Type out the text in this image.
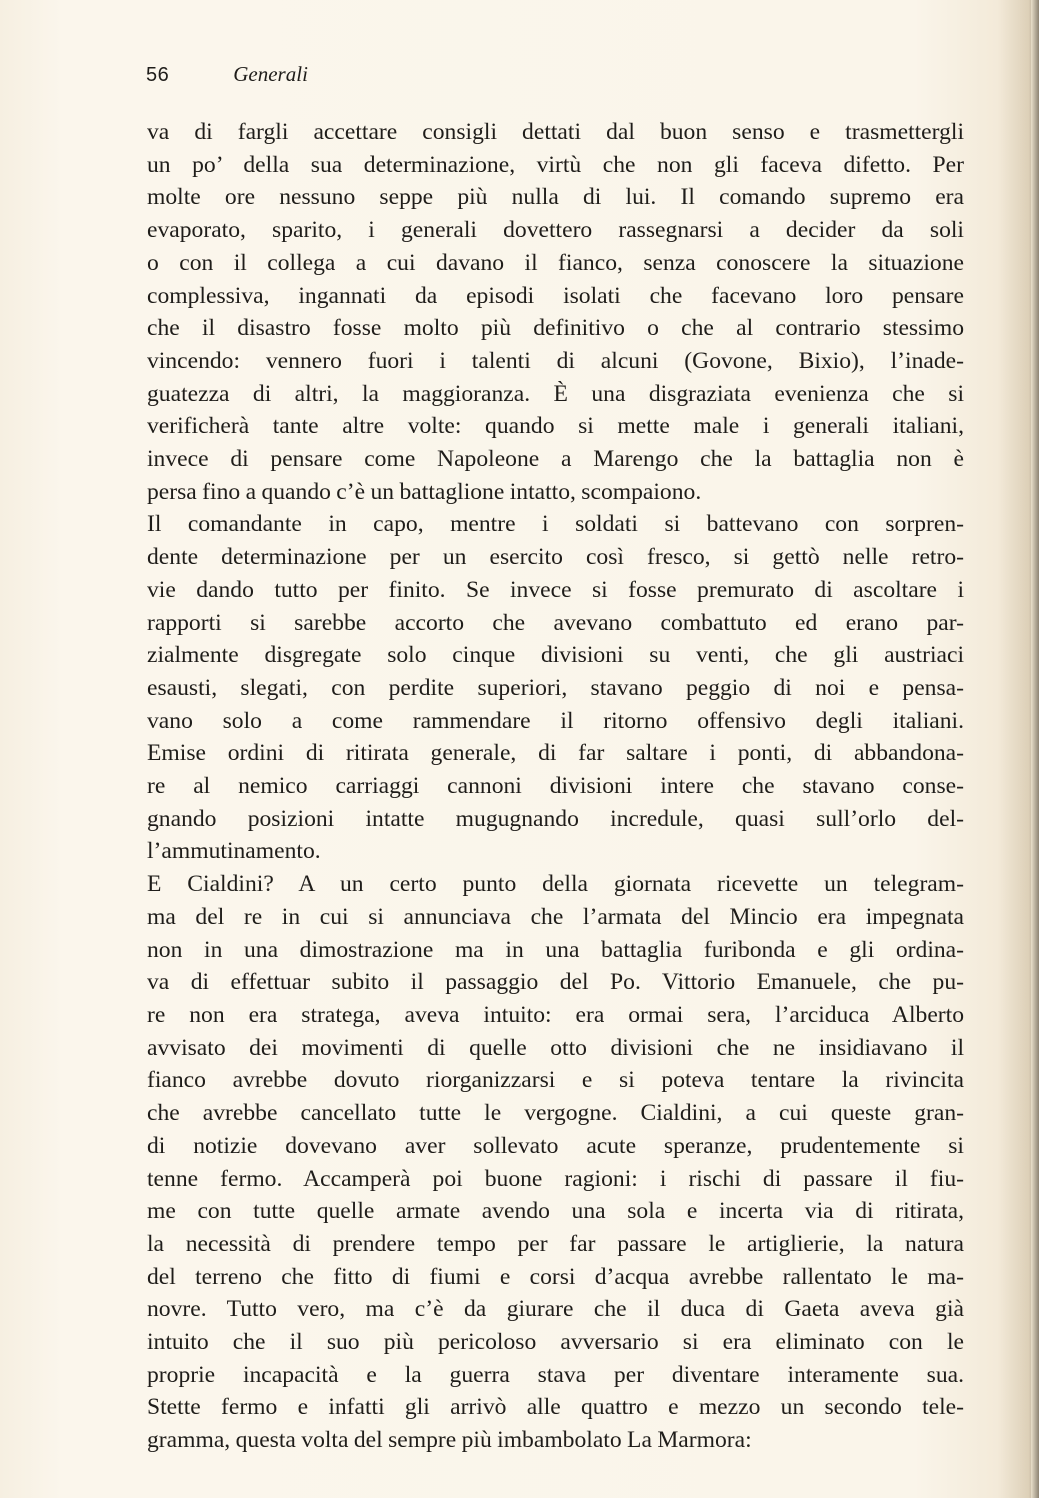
56	Generali

va di fargli accettare consigli dettati dal buon senso e trasmettergli
un po’ della sua determinazione, virtù che non gli faceva difetto. Per
molte ore nessuno seppe più nulla di lui. Il comando supremo era
evaporato, sparito, i generali dovettero rassegnarsi a decider da soli
o con il collega a cui davano il fianco, senza conoscere la situazione
complessiva, ingannati da episodi isolati che facevano loro pensare
che il disastro fosse molto più definitivo o che al contrario stessimo
vincendo: vennero fuori i talenti di alcuni (Govone, Bixio), l’inade-
guatezza di altri, la maggioranza. È una disgraziata evenienza che si
verificherà tante altre volte: quando si mette male i generali italiani,
invece di pensare come Napoleone a Marengo che la battaglia non è
persa fino a quando c’è un battaglione intatto, scompaiono.

Il comandante in capo, mentre i soldati si battevano con sorpren-
dente determinazione per un esercito così fresco, si gettò nelle retro-
vie dando tutto per finito. Se invece si fosse premurato di ascoltare i
rapporti si sarebbe accorto che avevano combattuto ed erano par-
zialmente disgregate solo cinque divisioni su venti, che gli austriaci
esausti, slegati, con perdite superiori, stavano peggio di noi e pensa-
vano solo a come rammendare il ritorno offensivo degli italiani.
Emise ordini di ritirata generale, di far saltare i ponti, di abbandona-
re al nemico carriaggi cannoni divisioni intere che stavano conse-
gnando posizioni intatte mugugnando incredule, quasi sull’orlo del-
l’ammutinamento.

E Cialdini? A un certo punto della giornata ricevette un telegram-
ma del re in cui si annunciava che l’armata del Mincio era impegnata
non in una dimostrazione ma in una battaglia furibonda e gli ordina-
va di effettuar subito il passaggio del Po. Vittorio Emanuele, che pu-
re non era stratega, aveva intuito: era ormai sera, l’arciduca Alberto
avvisato dei movimenti di quelle otto divisioni che ne insidiavano il
fianco avrebbe dovuto riorganizzarsi e si poteva tentare la rivincita
che avrebbe cancellato tutte le vergogne. Cialdini, a cui queste gran-
di notizie dovevano aver sollevato acute speranze, prudentemente si
tenne fermo. Accamperà poi buone ragioni: i rischi di passare il fiu-
me con tutte quelle armate avendo una sola e incerta via di ritirata,
la necessità di prendere tempo per far passare le artiglierie, la natura
del terreno che fitto di fiumi e corsi d’acqua avrebbe rallentato le ma-
novre. Tutto vero, ma c’è da giurare che il duca di Gaeta aveva già
intuito che il suo più pericoloso avversario si era eliminato con le
proprie incapacità e la guerra stava per diventare interamente sua.
Stette fermo e infatti gli arrivò alle quattro e mezzo un secondo tele-
gramma, questa volta del sempre più imbambolato La Marmora:
